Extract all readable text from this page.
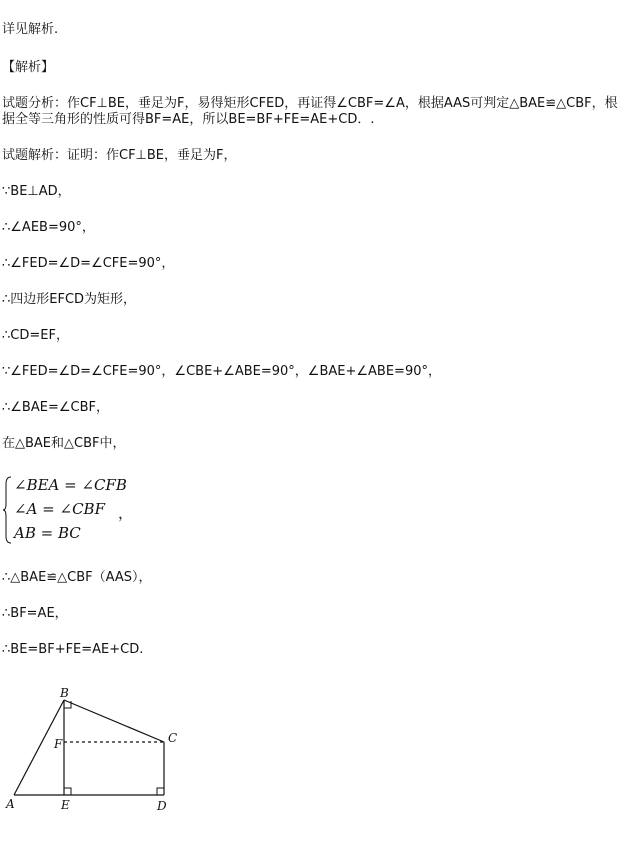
详见解析.
【解析】
试题分析：作CF⊥BE，垂足为F，易得矩形CFED，再证得∠CBF=∠A，根据AAS可判定△BAE≌△CBF，根据全等三角形的性质可得BF=AE，所以BE=BF+FE=AE+CD．.
试题解析：证明：作CF⊥BE，垂足为F，
∵BE⊥AD，
∴∠AEB=90°，
∴∠FED=∠D=∠CFE=90°，
∴四边形EFCD为矩形，
∴CD=EF，
∵∠FED=∠D=∠CFE=90°，∠CBE+∠ABE=90°，∠BAE+∠ABE=90°，
∴∠BAE=∠CBF，
在△BAE和△CBF中，
∠BEA = ∠CFB
∠A = ∠CBF
AB = BC
，
∴△BAE≌△CBF（AAS），
∴BF=AE，
∴BE=BF+FE=AE+CD.
B
C
F
A	E	D
